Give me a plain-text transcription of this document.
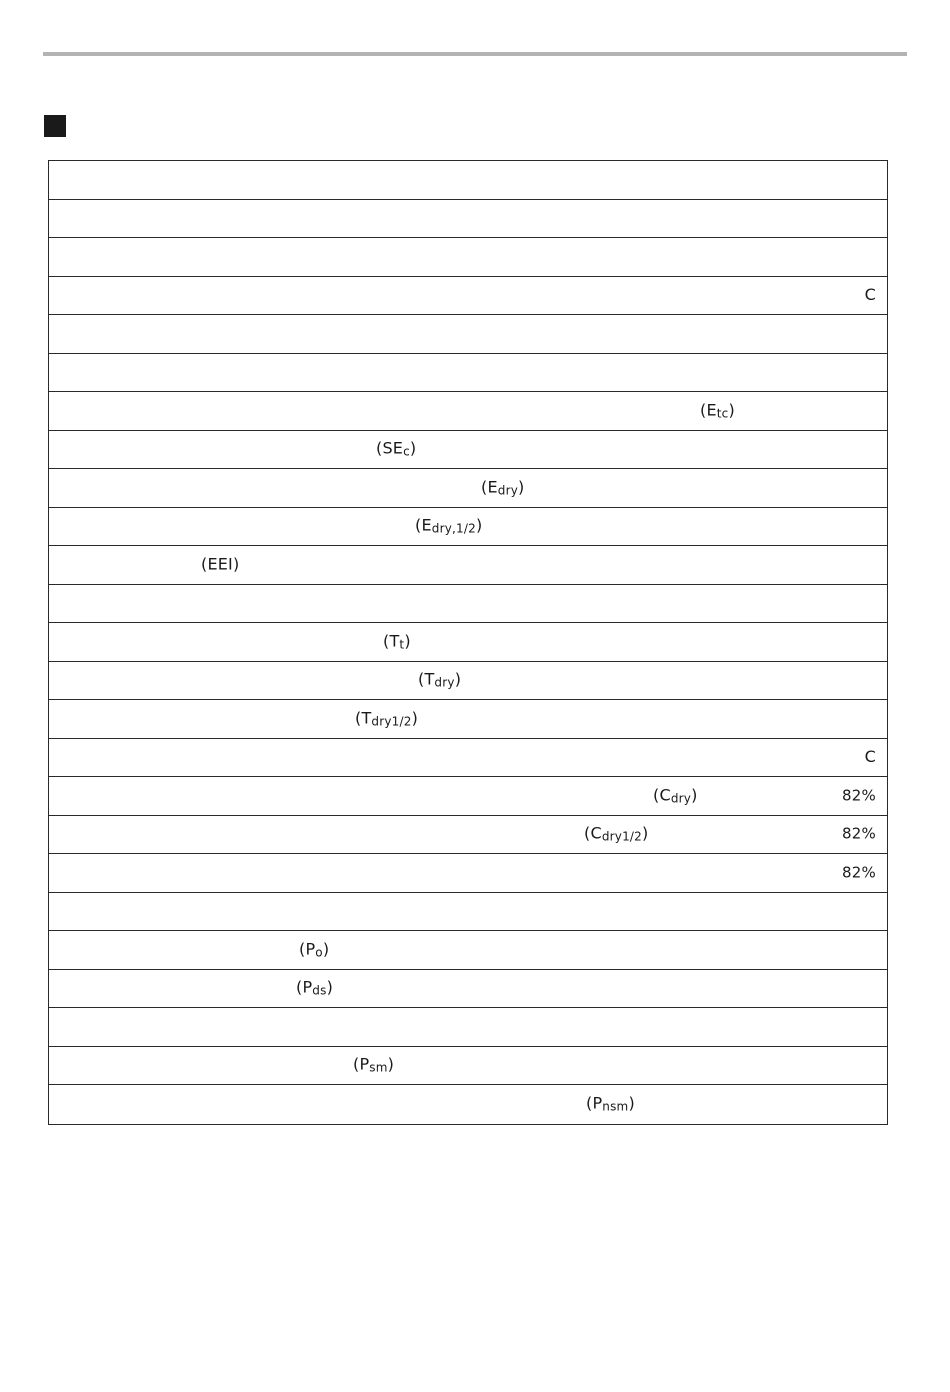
C
(Etc)
(SEc)
(Edry)
(Edry,1/2)
(EEI)
(Tt)
(Tdry)
(Tdry1/2)
C
(Cdry)	82%
(Cdry1/2)	82%
82%
(Po)
(Pds)
(Psm)
(Pnsm)
